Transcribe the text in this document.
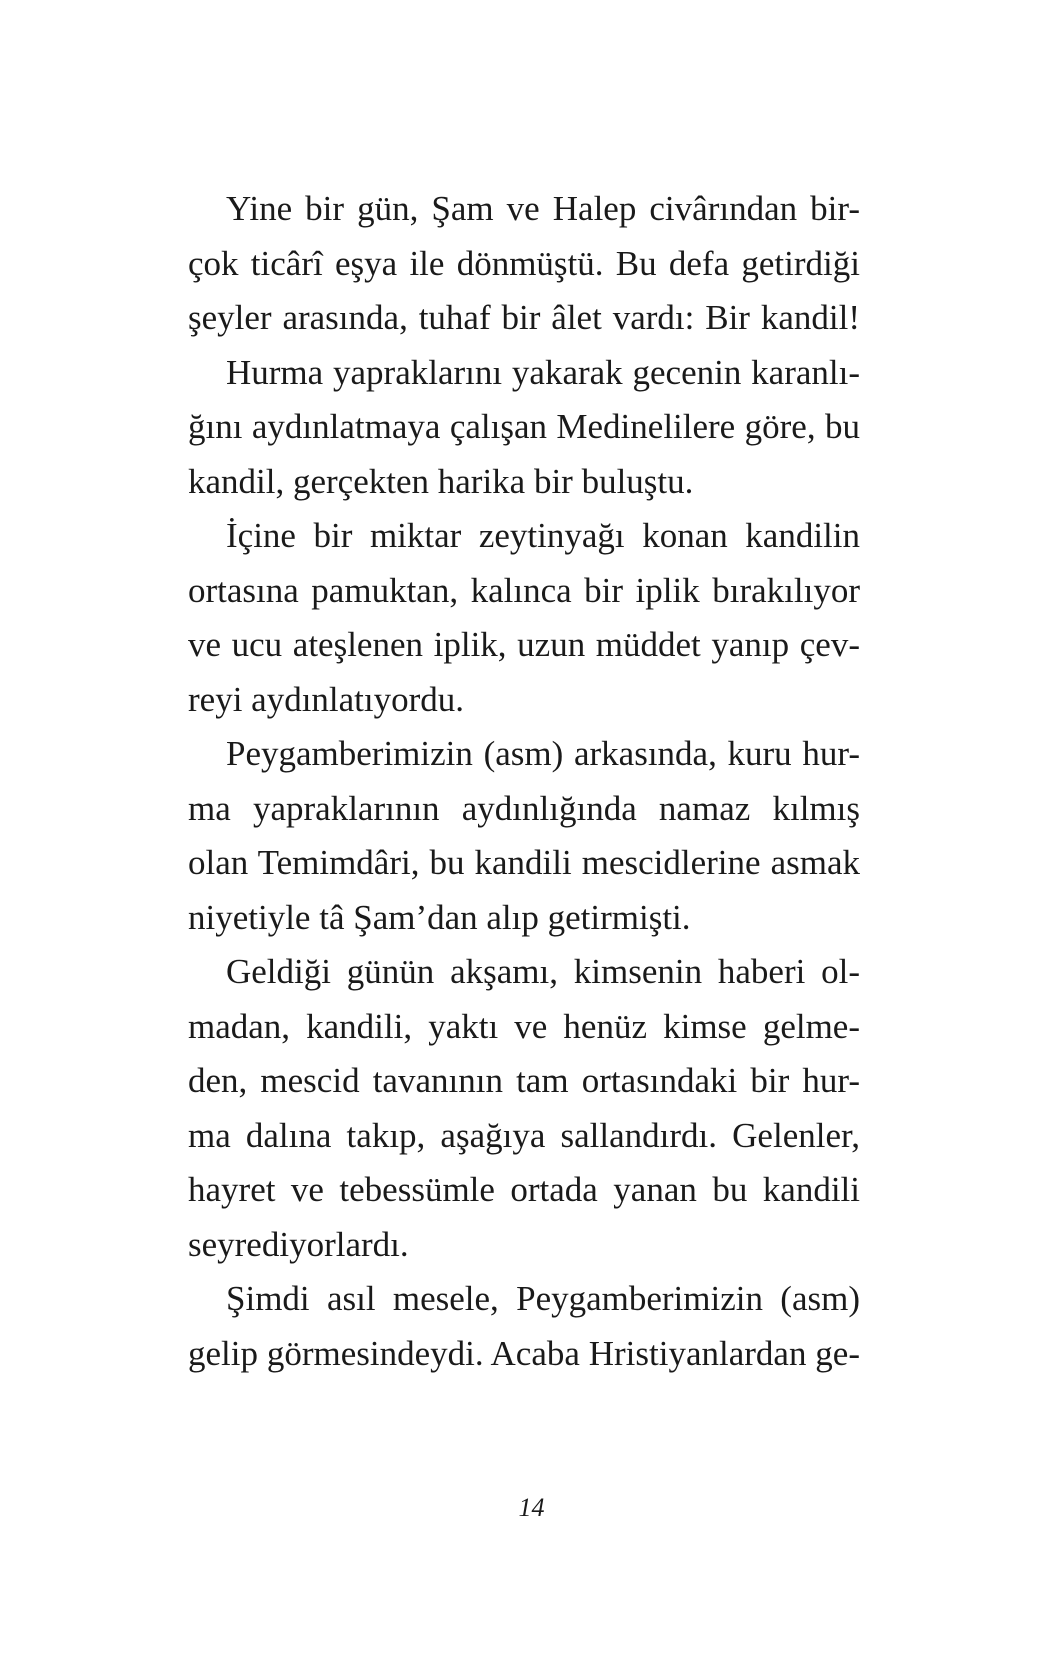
Yine bir gün, Şam ve Halep civârından bir-
çok ticârî eşya ile dönmüştü. Bu defa getirdiği
şeyler arasında, tuhaf bir âlet vardı: Bir kandil!
Hurma yapraklarını yakarak gecenin karanlı-
ğını aydınlatmaya çalışan Medinelilere göre, bu
kandil, gerçekten harika bir buluştu.
İçine bir miktar zeytinyağı konan kandilin
ortasına pamuktan, kalınca bir iplik bırakılıyor
ve ucu ateşlenen iplik, uzun müddet yanıp çev-
reyi aydınlatıyordu.
Peygamberimizin (asm) arkasında, kuru hur-
ma yapraklarının aydınlığında namaz kılmış
olan Temimdâri, bu kandili mescidlerine asmak
niyetiyle tâ Şam’dan alıp getirmişti.
Geldiği günün akşamı, kimsenin haberi ol-
madan, kandili, yaktı ve henüz kimse gelme-
den, mescid tavanının tam ortasındaki bir hur-
ma dalına takıp, aşağıya sallandırdı. Gelenler,
hayret ve tebessümle ortada yanan bu kandili
seyrediyorlardı.
Şimdi asıl mesele, Peygamberimizin (asm)
gelip görmesindeydi. Acaba Hristiyanlardan ge-
14
